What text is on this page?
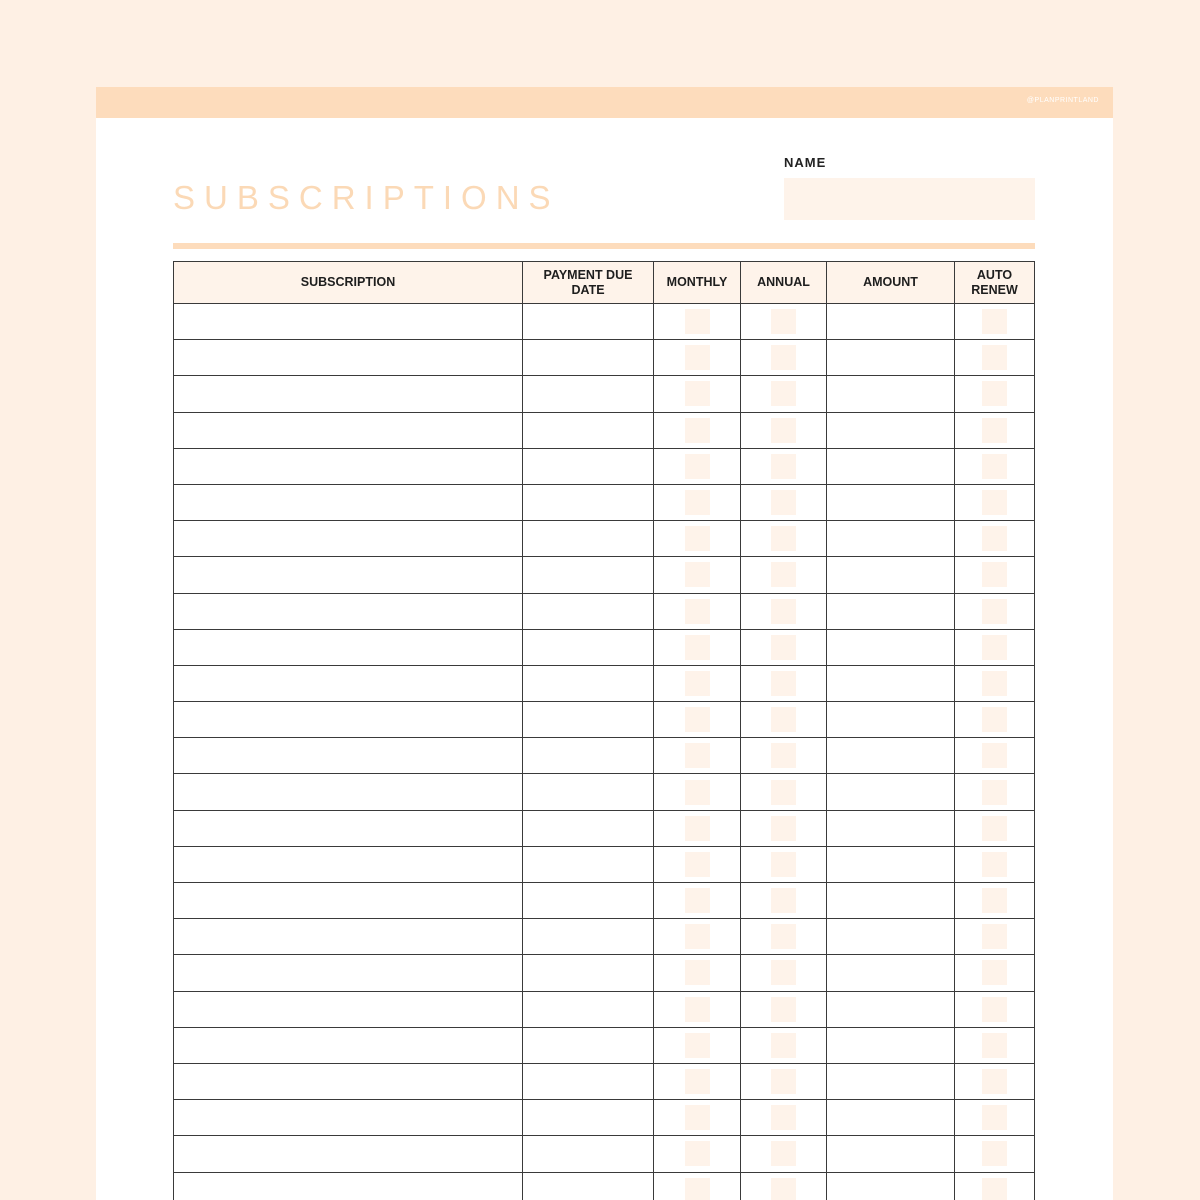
@PLANPRINTLAND
SUBSCRIPTIONS
NAME
SUBSCRIPTION	PAYMENT DUE DATE	MONTHLY	ANNUAL	AMOUNT	AUTO RENEW
